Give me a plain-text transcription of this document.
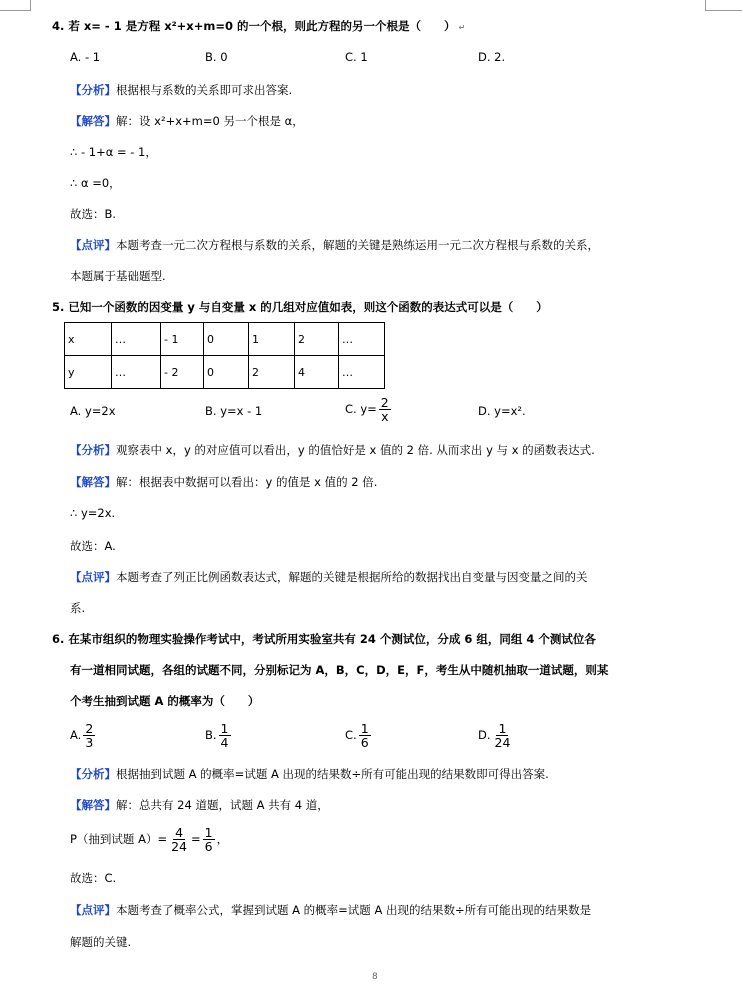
4. 若 x= - 1 是方程 x²+x+m=0 的一个根，则此方程的另一个根是（　　） ↵
A. - 1	B. 0	C. 1	D. 2.
【分析】根据根与系数的关系即可求出答案.
【解答】解：设 x²+x+m=0 另一个根是 α，
∴ - 1+α = - 1，
∴ α =0，
故选：B.
【点评】本题考查一元二次方程根与系数的关系，解题的关键是熟练运用一元二次方程根与系数的关系，
本题属于基础题型.
5. 已知一个函数的因变量 y 与自变量 x 的几组对应值如表，则这个函数的表达式可以是（　　）
x	…	- 1	0	1	2	…
y	…	- 2	0	2	4	…
A. y=2x	B. y=x - 1	C. $y= \frac{2}{x}$	D. y=x².
【分析】观察表中 x，y 的对应值可以看出，y 的值恰好是 x 值的 2 倍. 从而求出 y 与 x 的函数表达式.
【解答】解：根据表中数据可以看出：y 的值是 x 值的 2 倍.
∴ y=2x.
故选：A.
【点评】本题考查了列正比例函数表达式，解题的关键是根据所给的数据找出自变量与因变量之间的关
系.
6. 在某市组织的物理实验操作考试中，考试所用实验室共有 24 个测试位，分成 6 组，同组 4 个测试位各
有一道相同试题，各组的试题不同，分别标记为 A，B，C，D，E，F，考生从中随机抽取一道试题，则某
个考生抽到试题 A 的概率为（　　）
A. $\frac{2}{3}$	B. $\frac{1}{4}$	C. $\frac{1}{6}$	D. $\frac{1}{24}$
【分析】根据抽到试题 A 的概率=试题 A 出现的结果数÷所有可能出现的结果数即可得出答案.
【解答】解：总共有 24 道题，试题 A 共有 4 道，
P（抽到试题 $A)= \frac{4}{24} = \frac{1}{6}$ ，
故选：C.
【点评】本题考查了概率公式，掌握到试题 A 的概率=试题 A 出现的结果数÷所有可能出现的结果数是
解题的关键.
8
